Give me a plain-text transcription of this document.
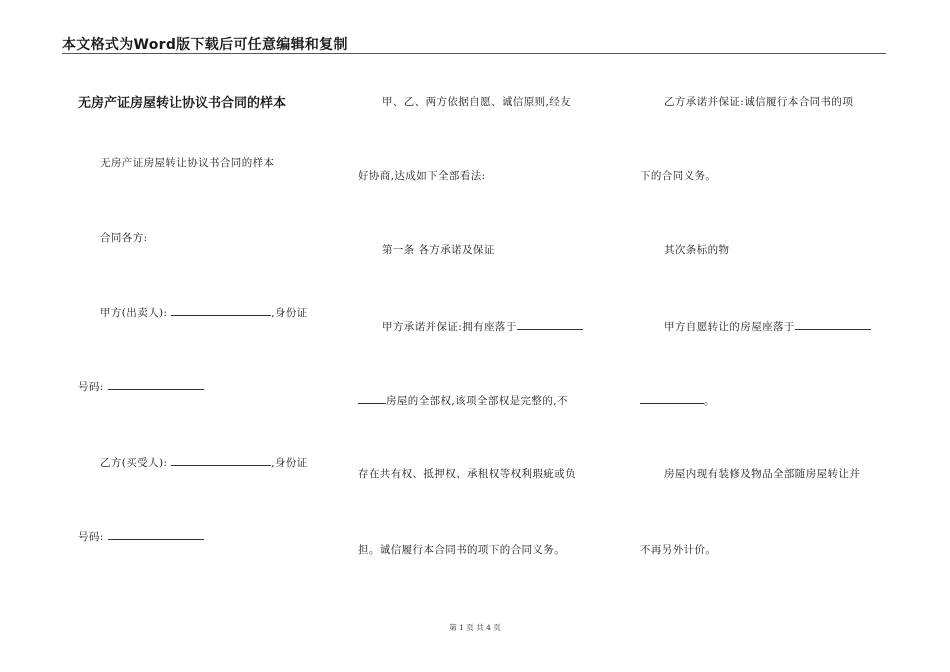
本文格式为Word版下载后可任意编辑和复制
无房产证房屋转让协议书合同的样本
无房产证房屋转让协议书合同的样本
合同各方:
甲方(出卖人):	,身份证
号码:
乙方(买受人):	,身份证
号码:
甲、乙、两方依据自愿、诚信原则,经友
好协商,达成如下全部看法:
第一条 各方承诺及保证
甲方承诺并保证:拥有座落于
房屋的全部权,该项全部权是完整的,不
存在共有权、抵押权、承租权等权利瑕疵或负
担。诚信履行本合同书的项下的合同义务。
乙方承诺并保证:诚信履行本合同书的项
下的合同义务。
其次条标的物
甲方自愿转让的房屋座落于
。
房屋内现有装修及物品全部随房屋转让并
不再另外计价。
第 1 页 共 4 页
